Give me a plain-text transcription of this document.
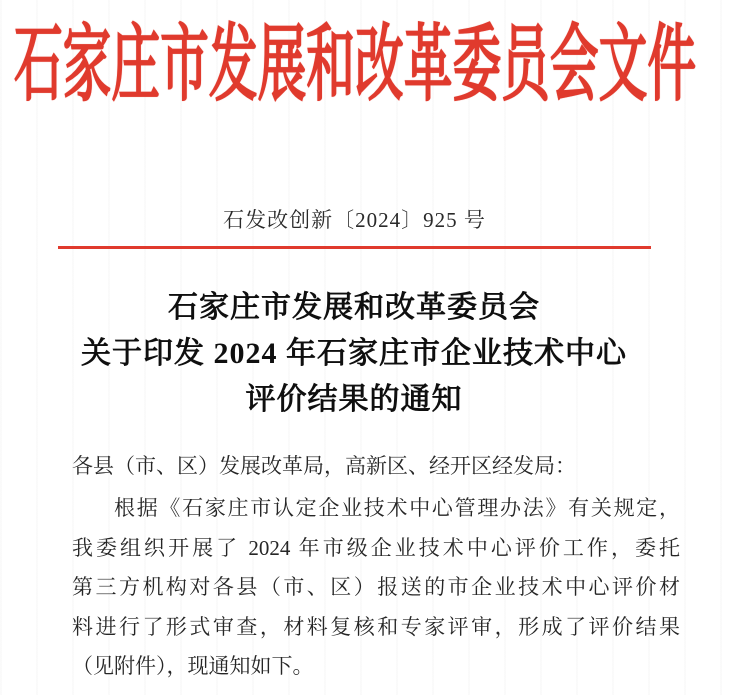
石家庄市发展和改革委员会文件
石发改创新〔2024〕925 号
石家庄市发展和改革委员会
关于印发 2024 年石家庄市企业技术中心
评价结果的通知
各县（市、区）发展改革局，高新区、经开区经发局：
根据《石家庄市认定企业技术中心管理办法》有关规定，
我委组织开展了 2024 年市级企业技术中心评价工作，委托
第三方机构对各县（市、区）报送的市企业技术中心评价材
料进行了形式审查，材料复核和专家评审，形成了评价结果
（见附件），现通知如下。
